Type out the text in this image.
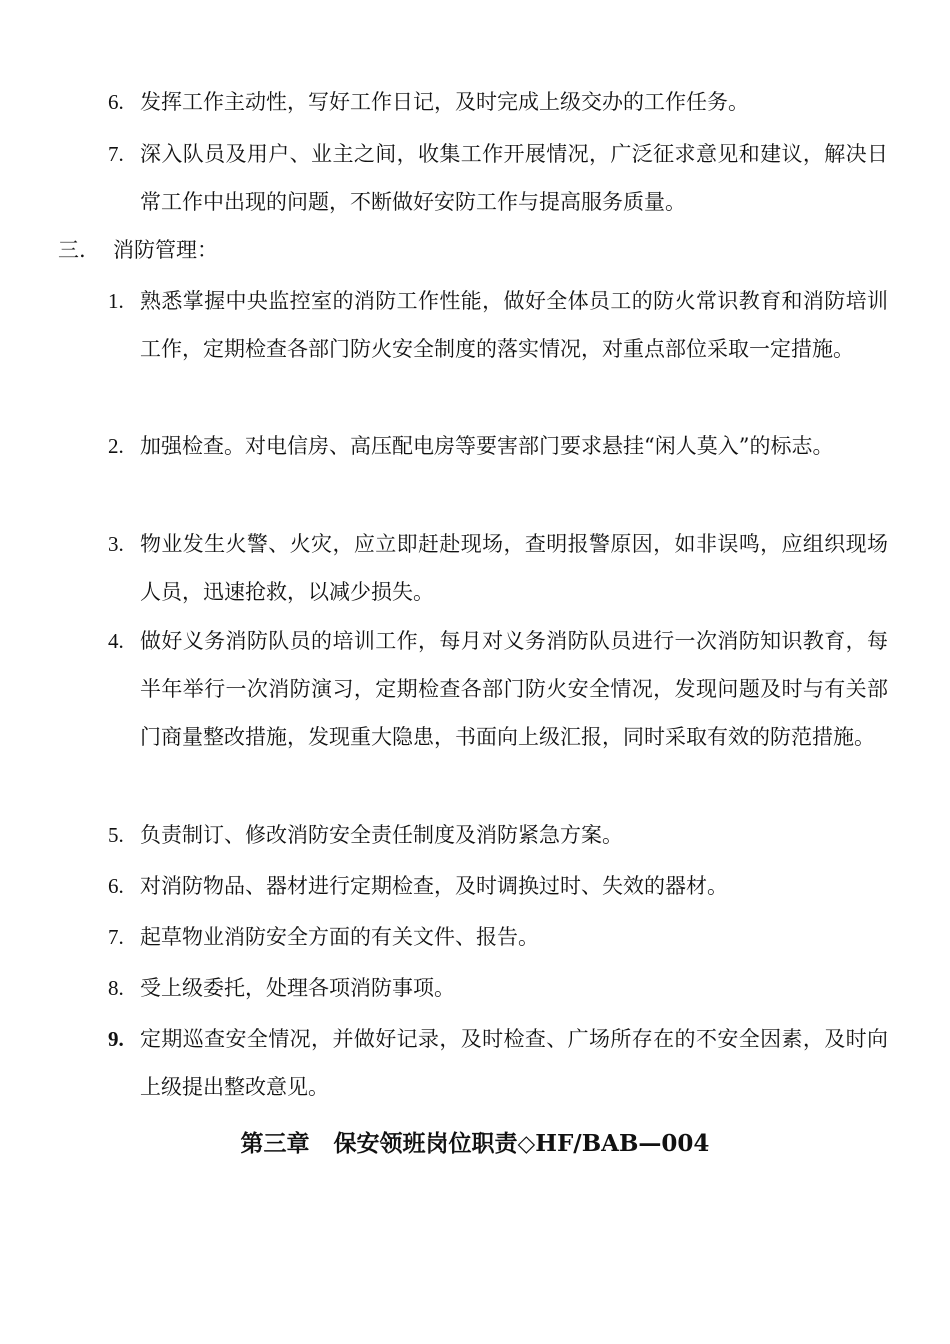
6. 发挥工作主动性，写好工作日记，及时完成上级交办的工作任务。
7. 深入队员及用户、业主之间，收集工作开展情况，广泛征求意见和建议，解决日常工作中出现的问题，不断做好安防工作与提高服务质量。
三. 消防管理：
1. 熟悉掌握中央监控室的消防工作性能，做好全体员工的防火常识教育和消防培训工作，定期检查各部门防火安全制度的落实情况，对重点部位采取一定措施。
2. 加强检查。对电信房、高压配电房等要害部门要求悬挂“闲人莫入”的标志。
3. 物业发生火警、火灾，应立即赶赴现场，查明报警原因，如非误鸣，应组织现场人员，迅速抢救，以减少损失。
4. 做好义务消防队员的培训工作，每月对义务消防队员进行一次消防知识教育，每半年举行一次消防演习，定期检查各部门防火安全情况，发现问题及时与有关部门商量整改措施，发现重大隐患，书面向上级汇报，同时采取有效的防范措施。
5. 负责制订、修改消防安全责任制度及消防紧急方案。
6. 对消防物品、器材进行定期检查，及时调换过时、失效的器材。
7. 起草物业消防安全方面的有关文件、报告。
8. 受上级委托，处理各项消防事项。
9. 定期巡查安全情况，并做好记录，及时检查、广场所存在的不安全因素，及时向上级提出整改意见。
第三章 保安领班岗位职责◇HF/BAB—004
